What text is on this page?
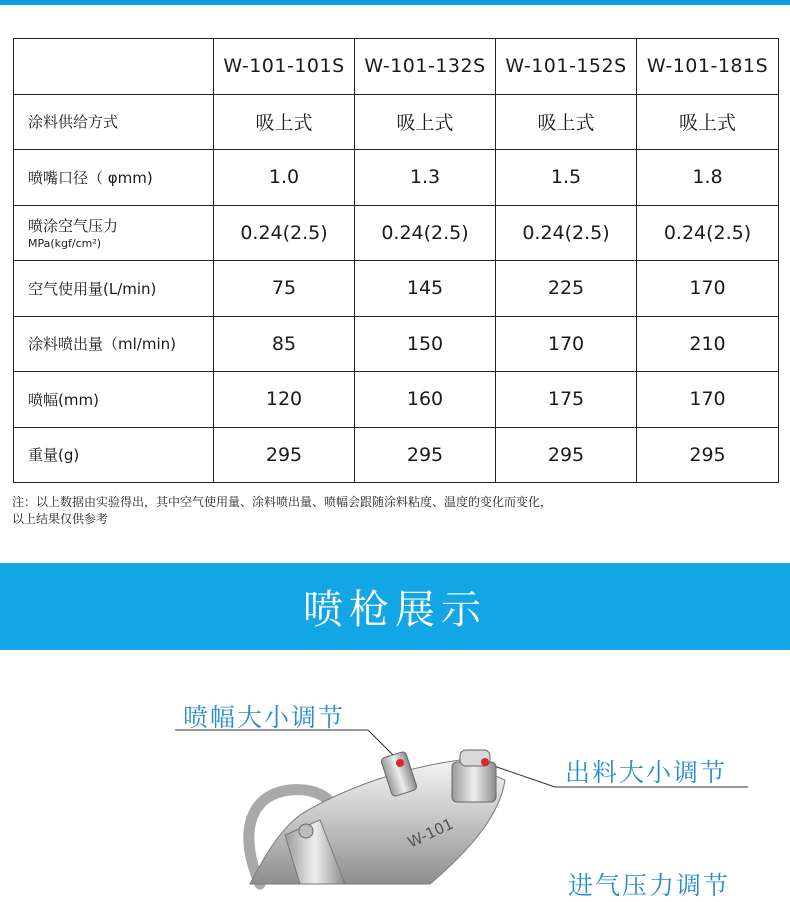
	W-101-101S	W-101-132S	W-101-152S	W-101-181S
涂料供给方式	吸上式	吸上式	吸上式	吸上式
喷嘴口径（ φmm)	1.0	1.3	1.5	1.8
喷涂空气压力
MPa(kgf/cm²)	0.24(2.5)	0.24(2.5)	0.24(2.5)	0.24(2.5)
空气使用量(L/min)	75	145	225	170
涂料喷出量（ml/min)	85	150	170	210
喷幅(mm)	120	160	175	170
重量(g)	295	295	295	295
注：以上数据由实验得出，其中空气使用量、涂料喷出量、喷幅会跟随涂料粘度、温度的变化而变化，
以上结果仅供参考
喷枪展示
W-101
喷幅大小调节
出料大小调节
进气压力调节
